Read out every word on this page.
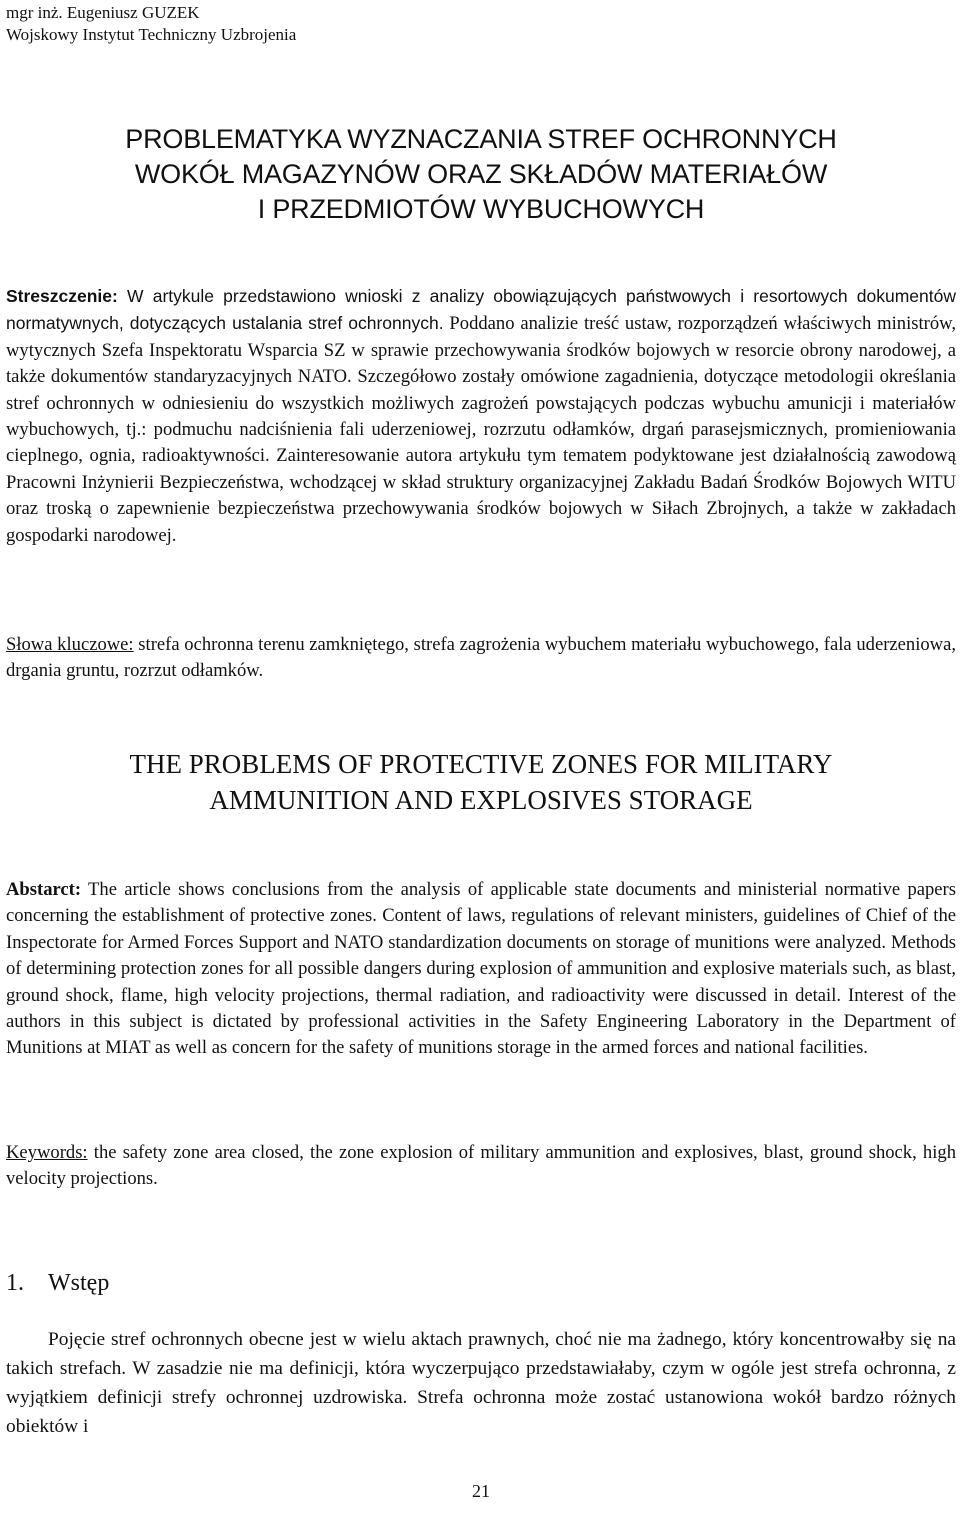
mgr inż. Eugeniusz GUZEK
Wojskowy Instytut Techniczny Uzbrojenia
PROBLEMATYKA WYZNACZANIA STREF OCHRONNYCH
WOKÓŁ MAGAZYNÓW ORAZ SKŁADÓW MATERIAŁÓW
I PRZEDMIOTÓW WYBUCHOWYCH

Streszczenie: W artykule przedstawiono wnioski z analizy obowiązujących państwowych i resortowych dokumentów normatywnych, dotyczących ustalania stref ochronnych. Poddano analizie treść ustaw, rozporządzeń właściwych ministrów, wytycznych Szefa Inspektoratu Wsparcia SZ w sprawie przechowywania środków bojowych w resorcie obrony narodowej, a także dokumentów standaryzacyjnych NATO. Szczegółowo zostały omówione zagadnienia, dotyczące metodologii określania stref ochronnych w odniesieniu do wszystkich możliwych zagrożeń powstających podczas wybuchu amunicji i materiałów wybuchowych, tj.: podmuchu nadciśnienia fali uderzeniowej, rozrzutu odłamków, drgań parasejsmicznych, promieniowania cieplnego, ognia, radioaktywności. Zainteresowanie autora artykułu tym tematem podyktowane jest działalnością zawodową Pracowni Inżynierii Bezpieczeństwa, wchodzącej w skład struktury organizacyjnej Zakładu Badań Środków Bojowych WITU oraz troską o zapewnienie bezpieczeństwa przechowywania środków bojowych w Siłach Zbrojnych, a także w zakładach gospodarki narodowej.

Słowa kluczowe: strefa ochronna terenu zamkniętego, strefa zagrożenia wybuchem materiału wybuchowego, fala uderzeniowa, drgania gruntu, rozrzut odłamków.

THE PROBLEMS OF PROTECTIVE ZONES FOR MILITARY
AMMUNITION AND EXPLOSIVES STORAGE

Abstarct: The article shows conclusions from the analysis of applicable state documents and ministerial normative papers concerning the establishment of protective zones. Content of laws, regulations of relevant ministers, guidelines of Chief of the Inspectorate for Armed Forces Support and NATO standardization documents on storage of munitions were analyzed. Methods of determining protection zones for all possible dangers during explosion of ammunition and explosive materials such, as blast, ground shock, flame, high velocity projections, thermal radiation, and radioactivity were discussed in detail. Interest of the authors in this subject is dictated by professional activities in the Safety Engineering Laboratory in the Department of Munitions at MIAT as well as concern for the safety of munitions storage in the armed forces and national facilities.

Keywords: the safety zone area closed, the zone explosion of military ammunition and explosives, blast, ground shock, high velocity projections.

1. Wstęp

Pojęcie stref ochronnych obecne jest w wielu aktach prawnych, choć nie ma żadnego, który koncentrowałby się na takich strefach. W zasadzie nie ma definicji, która wyczerpująco przedstawiałaby, czym w ogóle jest strefa ochronna, z wyjątkiem definicji strefy ochronnej uzdrowiska. Strefa ochronna może zostać ustanowiona wokół bardzo różnych obiektów i

21
